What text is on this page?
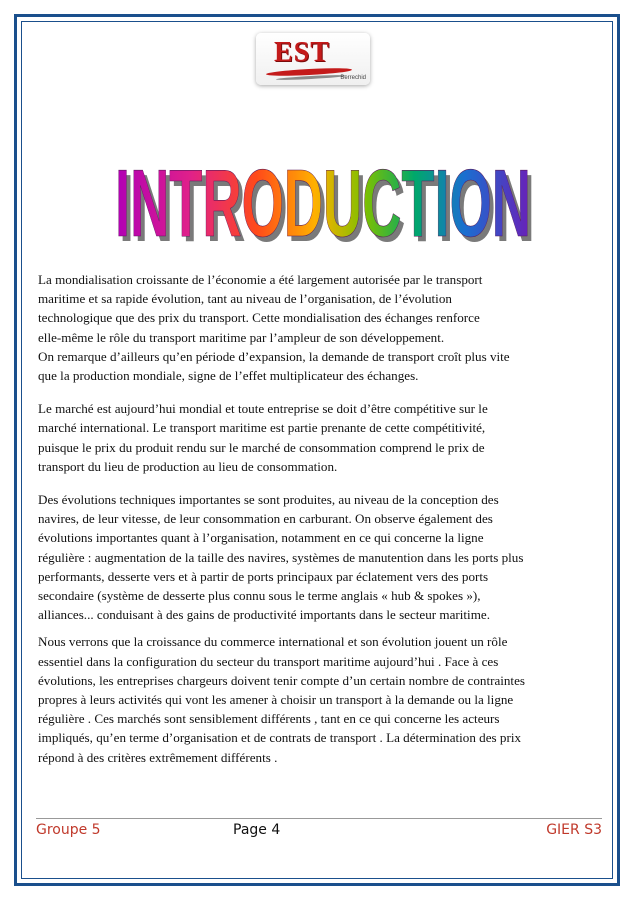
EST
Berrechid
INTRODUCTION
INTRODUCTION
La mondialisation croissante de l’économie a été largement autorisée par le transport
maritime et sa rapide évolution, tant au niveau de l’organisation, de l’évolution
technologique que des prix du transport. Cette mondialisation des échanges renforce
elle-même le rôle du transport maritime par l’ampleur de son développement.
On remarque d’ailleurs qu’en période d’expansion, la demande de transport croît plus vite
que la production mondiale, signe de l’effet multiplicateur des échanges.
Le marché est aujourd’hui mondial et toute entreprise se doit d’être compétitive sur le
marché international. Le transport maritime est partie prenante de cette compétitivité,
puisque le prix du produit rendu sur le marché de consommation comprend le prix de
transport du lieu de production au lieu de consommation.
Des évolutions techniques importantes se sont produites, au niveau de la conception des
navires, de leur vitesse, de leur consommation en carburant. On observe également des
évolutions importantes quant à l’organisation, notamment en ce qui concerne la ligne
régulière : augmentation de la taille des navires, systèmes de manutention dans les ports plus
performants, desserte vers et à partir de ports principaux par éclatement vers des ports
secondaire (système de desserte plus connu sous le terme anglais « hub & spokes »),
alliances... conduisant à des gains de productivité importants dans le secteur maritime.
Nous verrons que la croissance du commerce international et son évolution jouent un rôle
essentiel dans la configuration du secteur du transport maritime aujourd’hui . Face à ces
évolutions, les entreprises chargeurs doivent tenir compte d’un certain nombre de contraintes
propres à leurs activités qui vont les amener à choisir un transport à la demande ou la ligne
régulière . Ces marchés sont sensiblement différents , tant en ce qui concerne les acteurs
impliqués, qu’en terme d’organisation et de contrats de transport . La détermination des prix
répond à des critères extrêmement différents .
Groupe 5	Page 4	GIER S3
